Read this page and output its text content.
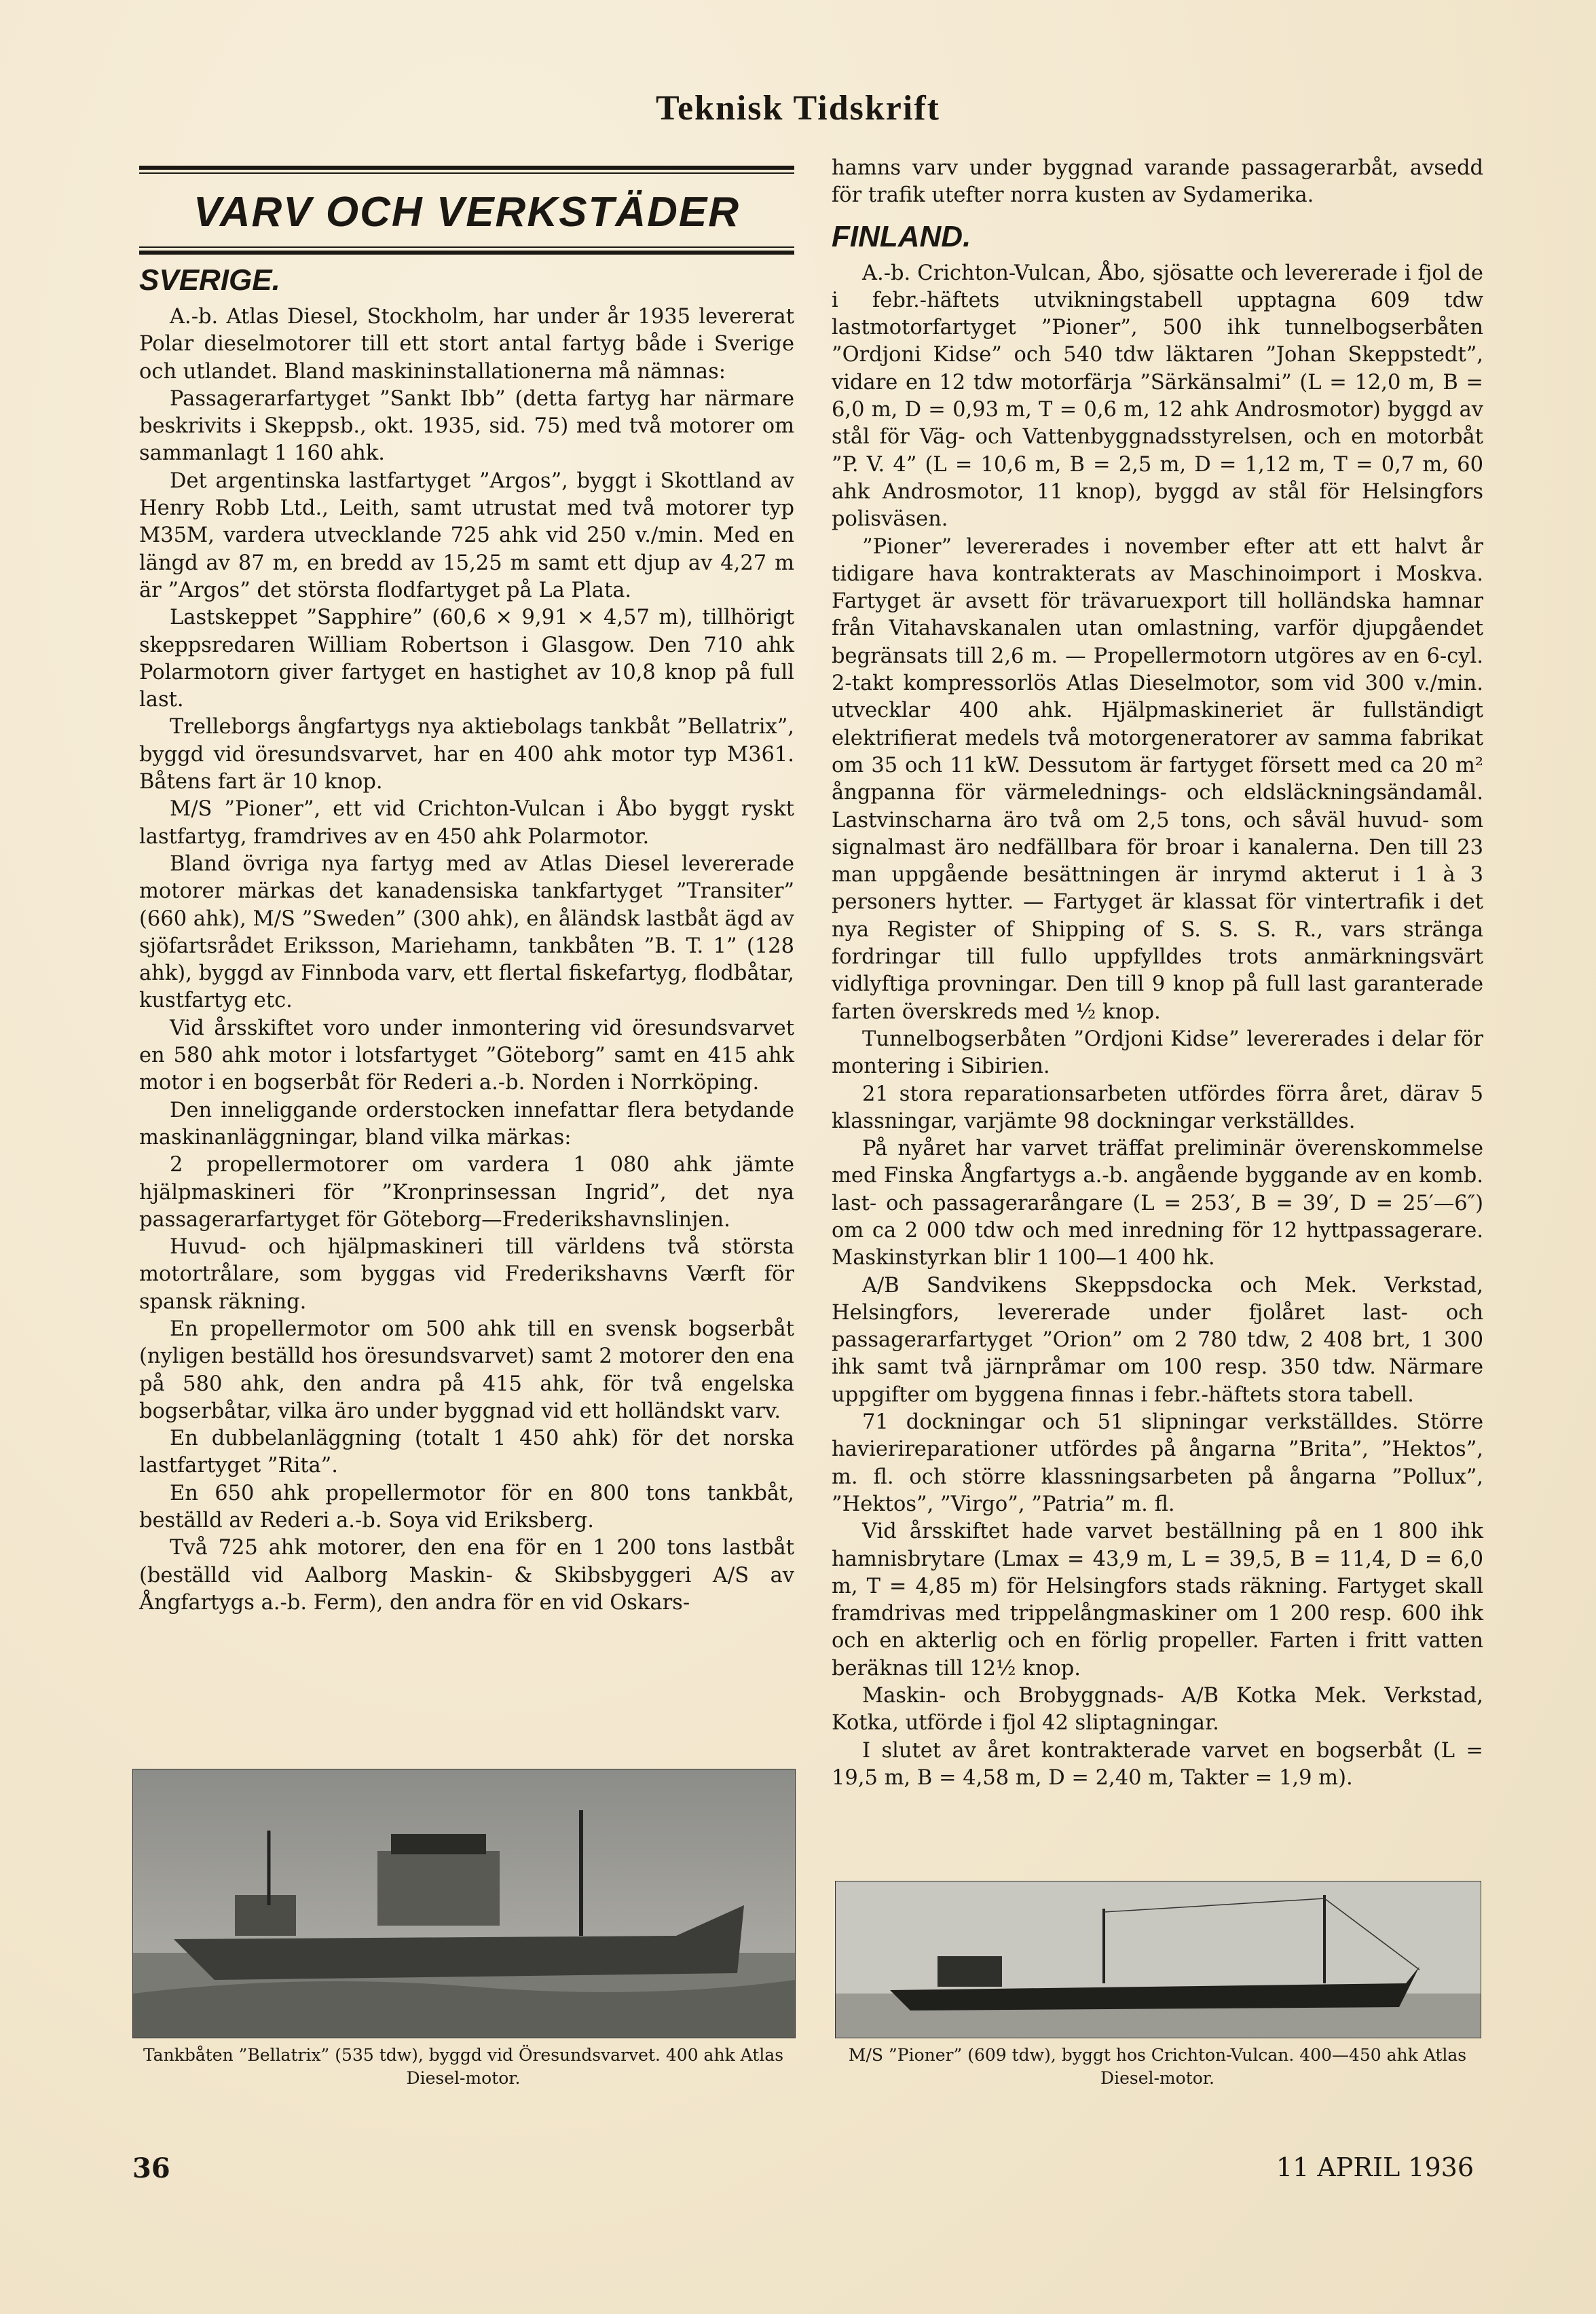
Teknisk Tidskrift
VARV OCH VERKSTÄDER
SVERIGE.

A.-b. Atlas Diesel, Stockholm, har under år 1935 levererat Polar dieselmotorer till ett stort antal fartyg både i Sverige och utlandet. Bland maskininstallationerna må nämnas:

Passagerarfartyget ”Sankt Ibb” (detta fartyg har närmare beskrivits i Skeppsb., okt. 1935, sid. 75) med två motorer om sammanlagt 1 160 ahk.

Det argentinska lastfartyget ”Argos”, byggt i Skottland av Henry Robb Ltd., Leith, samt utrustat med två motorer typ M35M, vardera utvecklande 725 ahk vid 250 v./min. Med en längd av 87 m, en bredd av 15,25 m samt ett djup av 4,27 m är ”Argos” det största flodfartyget på La Plata.

Lastskeppet ”Sapphire” (60,6 × 9,91 × 4,57 m), tillhörigt skeppsredaren William Robertson i Glasgow. Den 710 ahk Polarmotorn giver fartyget en hastighet av 10,8 knop på full last.

Trelleborgs ångfartygs nya aktiebolags tankbåt ”Bellatrix”, byggd vid öresundsvarvet, har en 400 ahk motor typ M361. Båtens fart är 10 knop.

M/S ”Pioner”, ett vid Crichton-Vulcan i Åbo byggt ryskt lastfartyg, framdrives av en 450 ahk Polarmotor.

Bland övriga nya fartyg med av Atlas Diesel levererade motorer märkas det kanadensiska tankfartyget ”Transiter” (660 ahk), M/S ”Sweden” (300 ahk), en åländsk lastbåt ägd av sjöfartsrådet Eriksson, Mariehamn, tankbåten ”B. T. 1” (128 ahk), byggd av Finnboda varv, ett flertal fiskefartyg, flodbåtar, kustfartyg etc.

Vid årsskiftet voro under inmontering vid öresundsvarvet en 580 ahk motor i lotsfartyget ”Göteborg” samt en 415 ahk motor i en bogserbåt för Rederi a.-b. Norden i Norrköping.

Den inneliggande orderstocken innefattar flera betydande maskinanläggningar, bland vilka märkas:

2 propellermotorer om vardera 1 080 ahk jämte hjälpmaskineri för ”Kronprinsessan Ingrid”, det nya passagerarfartyget för Göteborg—Frederikshavnslinjen.

Huvud- och hjälpmaskineri till världens två största motortrålare, som byggas vid Frederikshavns Værft för spansk räkning.

En propellermotor om 500 ahk till en svensk bogserbåt (nyligen beställd hos öresundsvarvet) samt 2 motorer den ena på 580 ahk, den andra på 415 ahk, för två engelska bogserbåtar, vilka äro under byggnad vid ett holländskt varv.

En dubbelanläggning (totalt 1 450 ahk) för det norska lastfartyget ”Rita”.

En 650 ahk propellermotor för en 800 tons tankbåt, beställd av Rederi a.-b. Soya vid Eriksberg.

Två 725 ahk motorer, den ena för en 1 200 tons lastbåt (beställd vid Aalborg Maskin- & Skibsbyggeri A/S av Ångfartygs a.-b. Ferm), den andra för en vid Oskars-

hamns varv under byggnad varande passagerarbåt, avsedd för trafik utefter norra kusten av Sydamerika.

FINLAND.

A.-b. Crichton-Vulcan, Åbo, sjösatte och levererade i fjol de i febr.-häftets utvikningstabell upptagna 609 tdw lastmotorfartyget ”Pioner”, 500 ihk tunnelbogserbåten ”Ordjoni Kidse” och 540 tdw läktaren ”Johan Skeppstedt”, vidare en 12 tdw motorfärja ”Särkänsalmi” (L = 12,0 m, B = 6,0 m, D = 0,93 m, T = 0,6 m, 12 ahk Androsmotor) byggd av stål för Väg- och Vattenbyggnadsstyrelsen, och en motorbåt ”P. V. 4” (L = 10,6 m, B = 2,5 m, D = 1,12 m, T = 0,7 m, 60 ahk Androsmotor, 11 knop), byggd av stål för Helsingfors polisväsen.

”Pioner” levererades i november efter att ett halvt år tidigare hava kontrakterats av Maschinoimport i Moskva. Fartyget är avsett för trävaruexport till holländska hamnar från Vitahavskanalen utan omlastning, varför djupgåendet begränsats till 2,6 m. — Propellermotorn utgöres av en 6-cyl. 2-takt kompressorlös Atlas Dieselmotor, som vid 300 v./min. utvecklar 400 ahk. Hjälpmaskineriet är fullständigt elektrifierat medels två motorgeneratorer av samma fabrikat om 35 och 11 kW. Dessutom är fartyget försett med ca 20 m² ångpanna för värmelednings- och eldsläckningsändamål. Lastvinscharna äro två om 2,5 tons, och såväl huvud- som signalmast äro nedfällbara för broar i kanalerna. Den till 23 man uppgående besättningen är inrymd akterut i 1 à 3 personers hytter. — Fartyget är klassat för vintertrafik i det nya Register of Shipping of S. S. S. R., vars stränga fordringar till fullo uppfylldes trots anmärkningsvärt vidlyftiga provningar. Den till 9 knop på full last garanterade farten överskreds med ½ knop.

Tunnelbogserbåten ”Ordjoni Kidse” levererades i delar för montering i Sibirien.

21 stora reparationsarbeten utfördes förra året, därav 5 klassningar, varjämte 98 dockningar verkställdes.

På nyåret har varvet träffat preliminär överenskommelse med Finska Ångfartygs a.-b. angående byggande av en komb. last- och passagerarångare (L = 253′, B = 39′, D = 25′—6″) om ca 2 000 tdw och med inredning för 12 hyttpassagerare. Maskinstyrkan blir 1 100—1 400 hk.

A/B Sandvikens Skeppsdocka och Mek. Verkstad, Helsingfors, levererade under fjolåret last- och passagerarfartyget ”Orion” om 2 780 tdw, 2 408 brt, 1 300 ihk samt två järnpråmar om 100 resp. 350 tdw. Närmare uppgifter om byggena finnas i febr.-häftets stora tabell.

71 dockningar och 51 slipningar verkställdes. Större havierireparationer utfördes på ångarna ”Brita”, ”Hektos”, m. fl. och större klassningsarbeten på ångarna ”Pollux”, ”Hektos”, ”Virgo”, ”Patria” m. fl.

Vid årsskiftet hade varvet beställning på en 1 800 ihk hamnisbrytare (Lmax = 43,9 m, L = 39,5, B = 11,4, D = 6,0 m, T = 4,85 m) för Helsingfors stads räkning. Fartyget skall framdrivas med trippelångmaskiner om 1 200 resp. 600 ihk och en akterlig och en förlig propeller. Farten i fritt vatten beräknas till 12½ knop.

Maskin- och Brobyggnads- A/B Kotka Mek. Verkstad, Kotka, utförde i fjol 42 sliptagningar.

I slutet av året kontrakterade varvet en bogserbåt (L = 19,5 m, B = 4,58 m, D = 2,40 m, Takter = 1,9 m).

Tankbåten ”Bellatrix” (535 tdw), byggd vid Öresundsvarvet. 400 ahk Atlas Diesel-motor.
M/S ”Pioner” (609 tdw), byggt hos Crichton-Vulcan. 400—450 ahk Atlas Diesel-motor.
36	11 APRIL 1936
